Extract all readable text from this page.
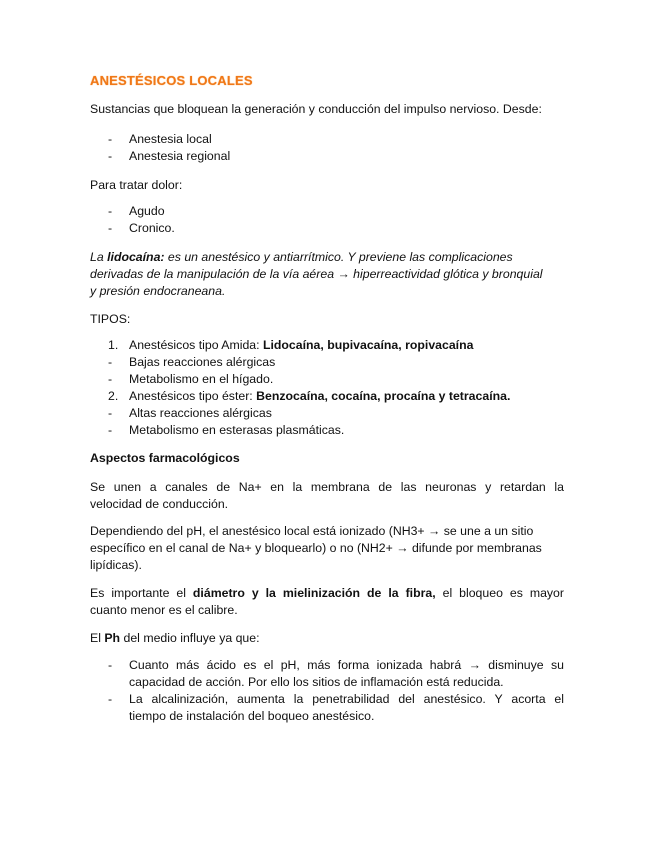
ANESTÉSICOS LOCALES
Sustancias que bloquean la generación y conducción del impulso nervioso. Desde:
- Anestesia local
- Anestesia regional
Para tratar dolor:
- Agudo
- Cronico.
La lidocaína: es un anestésico y antiarrítmico. Y previene las complicaciones
derivadas de la manipulación de la vía aérea → hiperreactividad glótica y bronquial
y presión endocraneana.
TIPOS:
1. Anestésicos tipo Amida: Lidocaína, bupivacaína, ropivacaína
- Bajas reacciones alérgicas
- Metabolismo en el hígado.
2. Anestésicos tipo éster: Benzocaína, cocaína, procaína y tetracaína.
- Altas reacciones alérgicas
- Metabolismo en esterasas plasmáticas.
Aspectos farmacológicos
Se unen a canales de Na+ en la membrana de las neuronas y retardan la
velocidad de conducción.
Dependiendo del pH, el anestésico local está ionizado (NH3+ → se une a un sitio
específico en el canal de Na+ y bloquearlo) o no (NH2+ → difunde por membranas
lipídicas).
Es importante el diámetro y la mielinización de la fibra, el bloqueo es mayor
cuanto menor es el calibre.
El Ph del medio influye ya que:
- Cuanto más ácido es el pH, más forma ionizada habrá → disminuye su
capacidad de acción. Por ello los sitios de inflamación está reducida.
- La alcalinización, aumenta la penetrabilidad del anestésico. Y acorta el
tiempo de instalación del boqueo anestésico.
